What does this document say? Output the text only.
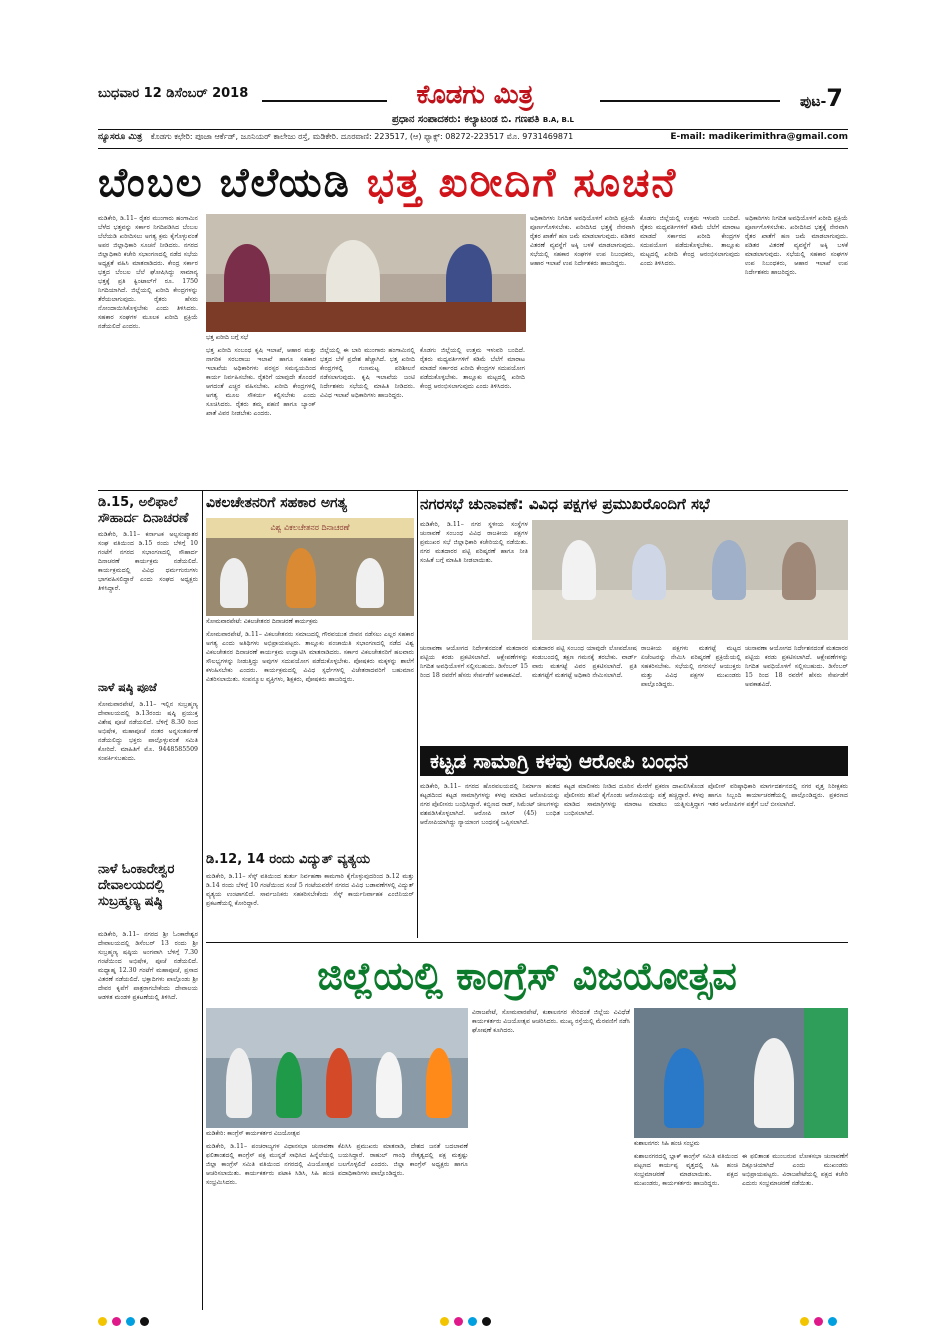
ಬುಧವಾರ 12 ಡಿಸೆಂಬರ್ 2018	ಕೊಡಗು ಮಿತ್ರ	ಪುಟ-7
ಪ್ರಧಾನ ಸಂಪಾದಕರು: ಕಲ್ಯಾಟಂಡ ಬಿ. ಗಣಪತಿ B.A, B.L
ನ್ಯೂಸರೂ ಮಿತ್ರ ಕೊಡಗು ಕಛೇರಿ: ಪೂಜಾ ಆರ್ಕೆಡ್, ಜೂನಿಯರ್ ಕಾಲೇಜು ರಸ್ತೆ, ಮಡಿಕೇರಿ. ದೂರವಾಣಿ: 223517, (ಆ) ಫ್ಯಾಕ್ಸ್: 08272-223517 ಮೊ. 9731469871	E-mail: madikerimithra@gmail.com
ಬೆಂಬಲ ಬೆಲೆಯಡಿ ಭತ್ತ ಖರೀದಿಗೆ ಸೂಚನೆ
ಮಡಿಕೇರಿ, ಡಿ.11– ರೈತರ ಮುಂಗಾರು ಹಂಗಾಮಿನ ಬೆಳೆದ ಭತ್ತವನ್ನು ಸರ್ಕಾರ ನಿಗದಿಪಡಿಸಿದ ಬೆಂಬಲ ಬೆಲೆಯಡಿ ಖರೀದಿಸಲು ಅಗತ್ಯ ಕ್ರಮ ಕೈಗೊಳ್ಳುವಂತೆ ಅಪರ ಜಿಲ್ಲಾಧಿಕಾರಿ ಸೂಚನೆ ನೀಡಿದರು. ನಗರದ ಜಿಲ್ಲಾಧಿಕಾರಿ ಕಚೇರಿ ಸಭಾಂಗಣದಲ್ಲಿ ನಡೆದ ಸಭೆಯ ಅಧ್ಯಕ್ಷತೆ ವಹಿಸಿ ಮಾತನಾಡಿದರು. ಕೇಂದ್ರ ಸರ್ಕಾರ ಭತ್ತದ ಬೆಂಬಲ ಬೆಲೆ ಘೋಷಿಸಿದ್ದು ಸಾಮಾನ್ಯ ಭತ್ತಕ್ಕೆ ಪ್ರತಿ ಕ್ವಿಂಟಾಲ್‌ಗೆ ರೂ. 1750 ನಿಗದಿಯಾಗಿದೆ. ಜಿಲ್ಲೆಯಲ್ಲಿ ಖರೀದಿ ಕೇಂದ್ರಗಳನ್ನು ತೆರೆಯಲಾಗುವುದು. ರೈತರು ಹೆಸರು ನೋಂದಾಯಿಸಿಕೊಳ್ಳಬೇಕು ಎಂದು ತಿಳಿಸಿದರು. ಸಹಕಾರ ಸಂಘಗಳ ಮೂಲಕ ಖರೀದಿ ಪ್ರಕ್ರಿಯೆ ನಡೆಯಲಿದೆ ಎಂದರು.
ಭತ್ತ ಖರೀದಿ ಬಗ್ಗೆ ಸಭೆ
ಭತ್ತ ಖರೀದಿ ಸಂಬಂಧ ಕೃಷಿ ಇಲಾಖೆ, ಆಹಾರ ಮತ್ತು ನಾಗರಿಕ ಸರಬರಾಜು ಇಲಾಖೆ ಹಾಗೂ ಸಹಕಾರ ಇಲಾಖೆಯ ಅಧಿಕಾರಿಗಳು ಪರಸ್ಪರ ಸಮನ್ವಯದಿಂದ ಕಾರ್ಯ ನಿರ್ವಹಿಸಬೇಕು. ರೈತರಿಗೆ ಯಾವುದೇ ತೊಂದರೆ ಆಗದಂತೆ ಎಚ್ಚರ ವಹಿಸಬೇಕು. ಖರೀದಿ ಕೇಂದ್ರಗಳಲ್ಲಿ ಅಗತ್ಯ ಮೂಲ ಸೌಕರ್ಯ ಕಲ್ಪಿಸಬೇಕು ಎಂದು ಸೂಚಿಸಿದರು. ರೈತರು ತಮ್ಮ ಪಹಣಿ ಹಾಗೂ ಬ್ಯಾಂಕ್ ಖಾತೆ ವಿವರ ನೀಡಬೇಕು ಎಂದರು.
ಜಿಲ್ಲೆಯಲ್ಲಿ ಈ ಬಾರಿ ಮುಂಗಾರು ಹಂಗಾಮಿನಲ್ಲಿ ಭತ್ತದ ಬೆಳೆ ಪ್ರದೇಶ ಹೆಚ್ಚಾಗಿದೆ. ಭತ್ತ ಖರೀದಿ ಕೇಂದ್ರಗಳಲ್ಲಿ ಗುಣಮಟ್ಟ ಪರಿಶೀಲನೆ ನಡೆಸಲಾಗುವುದು. ಕೃಷಿ ಇಲಾಖೆಯ ಜಂಟಿ ನಿರ್ದೇಶಕರು ಸಭೆಯಲ್ಲಿ ಮಾಹಿತಿ ನೀಡಿದರು. ವಿವಿಧ ಇಲಾಖೆ ಅಧಿಕಾರಿಗಳು ಹಾಜರಿದ್ದರು.
ಕೊಡಗು ಜಿಲ್ಲೆಯಲ್ಲಿ ಉತ್ತಮ ಇಳುವರಿ ಬಂದಿದೆ. ರೈತರು ಮಧ್ಯವರ್ತಿಗಳಿಗೆ ಕಡಿಮೆ ಬೆಲೆಗೆ ಮಾರಾಟ ಮಾಡದೆ ಸರ್ಕಾರದ ಖರೀದಿ ಕೇಂದ್ರಗಳ ಸದುಪಯೋಗ ಪಡೆದುಕೊಳ್ಳಬೇಕು. ತಾಲ್ಲೂಕು ಮಟ್ಟದಲ್ಲಿ ಖರೀದಿ ಕೇಂದ್ರ ಆರಂಭಿಸಲಾಗುವುದು ಎಂದು ತಿಳಿಸಿದರು.
ಅಧಿಕಾರಿಗಳು ನಿಗದಿತ ಅವಧಿಯೊಳಗೆ ಖರೀದಿ ಪ್ರಕ್ರಿಯೆ ಪೂರ್ಣಗೊಳಿಸಬೇಕು. ಖರೀದಿಸಿದ ಭತ್ತಕ್ಕೆ ನೇರವಾಗಿ ರೈತರ ಖಾತೆಗೆ ಹಣ ಜಮೆ ಮಾಡಲಾಗುವುದು. ಪಡಿತರ ವಿತರಣೆ ವ್ಯವಸ್ಥೆಗೆ ಅಕ್ಕಿ ಬಳಕೆ ಮಾಡಲಾಗುವುದು. ಸಭೆಯಲ್ಲಿ ಸಹಕಾರ ಸಂಘಗಳ ಉಪ ನಿಬಂಧಕರು, ಆಹಾರ ಇಲಾಖೆ ಉಪ ನಿರ್ದೇಶಕರು ಹಾಜರಿದ್ದರು.
ಕೊಡಗು ಜಿಲ್ಲೆಯಲ್ಲಿ ಉತ್ತಮ ಇಳುವರಿ ಬಂದಿದೆ. ರೈತರು ಮಧ್ಯವರ್ತಿಗಳಿಗೆ ಕಡಿಮೆ ಬೆಲೆಗೆ ಮಾರಾಟ ಮಾಡದೆ ಸರ್ಕಾರದ ಖರೀದಿ ಕೇಂದ್ರಗಳ ಸದುಪಯೋಗ ಪಡೆದುಕೊಳ್ಳಬೇಕು. ತಾಲ್ಲೂಕು ಮಟ್ಟದಲ್ಲಿ ಖರೀದಿ ಕೇಂದ್ರ ಆರಂಭಿಸಲಾಗುವುದು ಎಂದು ತಿಳಿಸಿದರು.
ಅಧಿಕಾರಿಗಳು ನಿಗದಿತ ಅವಧಿಯೊಳಗೆ ಖರೀದಿ ಪ್ರಕ್ರಿಯೆ ಪೂರ್ಣಗೊಳಿಸಬೇಕು. ಖರೀದಿಸಿದ ಭತ್ತಕ್ಕೆ ನೇರವಾಗಿ ರೈತರ ಖಾತೆಗೆ ಹಣ ಜಮೆ ಮಾಡಲಾಗುವುದು. ಪಡಿತರ ವಿತರಣೆ ವ್ಯವಸ್ಥೆಗೆ ಅಕ್ಕಿ ಬಳಕೆ ಮಾಡಲಾಗುವುದು. ಸಭೆಯಲ್ಲಿ ಸಹಕಾರ ಸಂಘಗಳ ಉಪ ನಿಬಂಧಕರು, ಆಹಾರ ಇಲಾಖೆ ಉಪ ನಿರ್ದೇಶಕರು ಹಾಜರಿದ್ದರು.
ಡಿ.15, ಅಲಿಫಾಲೆ ಸೌಹಾರ್ದ ದಿನಾಚರಣೆ
ಮಡಿಕೇರಿ, ಡಿ.11– ಕರ್ನಾಟಕ ಅಲ್ಪಸಂಖ್ಯಾತರ ಸಂಘ ವತಿಯಿಂದ ಡಿ.15 ರಂದು ಬೆಳಿಗ್ಗೆ 10 ಗಂಟೆಗೆ ನಗರದ ಸಭಾಂಗಣದಲ್ಲಿ ಸೌಹಾರ್ದ ದಿನಾಚರಣೆ ಕಾರ್ಯಕ್ರಮ ನಡೆಯಲಿದೆ. ಕಾರ್ಯಕ್ರಮದಲ್ಲಿ ವಿವಿಧ ಧರ್ಮಗುರುಗಳು ಭಾಗವಹಿಸಲಿದ್ದಾರೆ ಎಂದು ಸಂಘದ ಅಧ್ಯಕ್ಷರು ತಿಳಿಸಿದ್ದಾರೆ.
ನಾಳೆ ಷಷ್ಠಿ ಪೂಜೆ
ಸೋಮವಾರಪೇಟೆ, ಡಿ.11– ಇಲ್ಲಿನ ಸುಬ್ರಹ್ಮಣ್ಯ ದೇವಾಲಯದಲ್ಲಿ ಡಿ.13ರಂದು ಷಷ್ಠಿ ಪ್ರಯುಕ್ತ ವಿಶೇಷ ಪೂಜೆ ನಡೆಯಲಿದೆ. ಬೆಳಿಗ್ಗೆ 8.30 ರಿಂದ ಅಭಿಷೇಕ, ಮಹಾಪೂಜೆ ನಂತರ ಅನ್ನಸಂತರ್ಪಣೆ ನಡೆಯಲಿದ್ದು ಭಕ್ತರು ಪಾಲ್ಗೊಳ್ಳುವಂತೆ ಸಮಿತಿ ಕೋರಿದೆ. ಮಾಹಿತಿಗೆ ಮೊ. 9448585509 ಸಂಪರ್ಕಿಸಬಹುದು.
ನಾಳೆ ಓಂಕಾರೇಶ್ವರ ದೇವಾಲಯದಲ್ಲಿ ಸುಬ್ರಹ್ಮಣ್ಯ ಷಷ್ಠಿ
ಮಡಿಕೇರಿ, ಡಿ.11– ನಗರದ ಶ್ರೀ ಓಂಕಾರೇಶ್ವರ ದೇವಾಲಯದಲ್ಲಿ ಡಿಸೆಂಬರ್ 13 ರಂದು ಶ್ರೀ ಸುಬ್ರಹ್ಮಣ್ಯ ಷಷ್ಠಿಯ ಅಂಗವಾಗಿ ಬೆಳಿಗ್ಗೆ 7.30 ಗಂಟೆಯಿಂದ ಅಭಿಷೇಕ, ಪೂಜೆ ನಡೆಯಲಿದೆ. ಮಧ್ಯಾಹ್ನ 12.30 ಗಂಟೆಗೆ ಮಹಾಪೂಜೆ, ಪ್ರಸಾದ ವಿತರಣೆ ನಡೆಯಲಿದೆ. ಭಕ್ತಾದಿಗಳು ಪಾಲ್ಗೊಂಡು ಶ್ರೀ ದೇವರ ಕೃಪೆಗೆ ಪಾತ್ರರಾಗಬೇಕೆಂದು ದೇವಾಲಯ ಆಡಳಿತ ಮಂಡಳಿ ಪ್ರಕಟಣೆಯಲ್ಲಿ ತಿಳಿಸಿದೆ.
ವಿಕಲಚೇತನರಿಗೆ ಸಹಕಾರ ಅಗತ್ಯ
ವಿಶ್ವ ವಿಕಲಚೇತನರ ದಿನಾಚರಣೆ
ಸೋಮವಾರಪೇಟೆ: ವಿಕಲಚೇತನರ ದಿನಾಚರಣೆ ಕಾರ್ಯಕ್ರಮ
ಸೋಮವಾರಪೇಟೆ, ಡಿ.11– ವಿಕಲಚೇತನರು ಸಮಾಜದಲ್ಲಿ ಗೌರವಯುತ ಜೀವನ ನಡೆಸಲು ಎಲ್ಲರ ಸಹಕಾರ ಅಗತ್ಯ ಎಂದು ಅತಿಥಿಗಳು ಅಭಿಪ್ರಾಯಪಟ್ಟರು. ತಾಲ್ಲೂಕು ಪಂಚಾಯಿತಿ ಸಭಾಂಗಣದಲ್ಲಿ ನಡೆದ ವಿಶ್ವ ವಿಕಲಚೇತನರ ದಿನಾಚರಣೆ ಕಾರ್ಯಕ್ರಮ ಉದ್ಘಾಟಿಸಿ ಮಾತನಾಡಿದರು. ಸರ್ಕಾರ ವಿಕಲಚೇತನರಿಗೆ ಹಲವಾರು ಸೌಲಭ್ಯಗಳನ್ನು ನೀಡುತ್ತಿದ್ದು ಅವುಗಳ ಸದುಪಯೋಗ ಪಡೆದುಕೊಳ್ಳಬೇಕು. ಪೋಷಕರು ಮಕ್ಕಳನ್ನು ಶಾಲೆಗೆ ಕಳುಹಿಸಬೇಕು ಎಂದರು. ಕಾರ್ಯಕ್ರಮದಲ್ಲಿ ವಿವಿಧ ಸ್ಪರ್ಧೆಗಳಲ್ಲಿ ವಿಜೇತರಾದವರಿಗೆ ಬಹುಮಾನ ವಿತರಿಸಲಾಯಿತು. ಸಂಪನ್ಮೂಲ ವ್ಯಕ್ತಿಗಳು, ಶಿಕ್ಷಕರು, ಪೋಷಕರು ಹಾಜರಿದ್ದರು.
ಡಿ.12, 14 ರಂದು ವಿದ್ಯುತ್ ವ್ಯತ್ಯಯ
ಮಡಿಕೇರಿ, ಡಿ.11– ಸೆಸ್ಕ್ ವತಿಯಿಂದ ತುರ್ತು ನಿರ್ವಹಣಾ ಕಾಮಗಾರಿ ಕೈಗೊಳ್ಳುವುದರಿಂದ ಡಿ.12 ಮತ್ತು ಡಿ.14 ರಂದು ಬೆಳಿಗ್ಗೆ 10 ಗಂಟೆಯಿಂದ ಸಂಜೆ 5 ಗಂಟೆಯವರೆಗೆ ನಗರದ ವಿವಿಧ ಬಡಾವಣೆಗಳಲ್ಲಿ ವಿದ್ಯುತ್ ವ್ಯತ್ಯಯ ಉಂಟಾಗಲಿದೆ. ಸಾರ್ವಜನಿಕರು ಸಹಕರಿಸಬೇಕೆಂದು ಸೆಸ್ಕ್ ಕಾರ್ಯನಿರ್ವಾಹಕ ಎಂಜಿನಿಯರ್ ಪ್ರಕಟಣೆಯಲ್ಲಿ ಕೋರಿದ್ದಾರೆ.
ನಗರಸಭೆ ಚುನಾವಣೆ: ವಿವಿಧ ಪಕ್ಷಗಳ ಪ್ರಮುಖರೊಂದಿಗೆ ಸಭೆ
ಮಡಿಕೇರಿ, ಡಿ.11– ನಗರ ಸ್ಥಳೀಯ ಸಂಸ್ಥೆಗಳ ಚುನಾವಣೆ ಸಂಬಂಧ ವಿವಿಧ ರಾಜಕೀಯ ಪಕ್ಷಗಳ ಪ್ರಮುಖರ ಸಭೆ ಜಿಲ್ಲಾಧಿಕಾರಿ ಕಚೇರಿಯಲ್ಲಿ ನಡೆಯಿತು. ನಗರ ಮತದಾರರ ಪಟ್ಟಿ ಪರಿಷ್ಕರಣೆ ಹಾಗೂ ನೀತಿ ಸಂಹಿತೆ ಬಗ್ಗೆ ಮಾಹಿತಿ ನೀಡಲಾಯಿತು.
ಚುನಾವಣಾ ಆಯೋಗದ ನಿರ್ದೇಶನದಂತೆ ಮತದಾರರ ಪಟ್ಟಿಯ ಕರಡು ಪ್ರಕಟಿಸಲಾಗಿದೆ. ಆಕ್ಷೇಪಣೆಗಳನ್ನು ನಿಗದಿತ ಅವಧಿಯೊಳಗೆ ಸಲ್ಲಿಸಬಹುದು. ಡಿಸೆಂಬರ್ 15 ರಿಂದ 18 ರವರೆಗೆ ಹೆಸರು ಸೇರ್ಪಡೆಗೆ ಅವಕಾಶವಿದೆ.
ಮತದಾರರ ಪಟ್ಟಿ ಸಂಬಂಧ ಯಾವುದೇ ಲೋಪದೋಷ ಕಂಡುಬಂದಲ್ಲಿ ತಕ್ಷಣ ಗಮನಕ್ಕೆ ತರಬೇಕು. ವಾರ್ಡ್ ವಾರು ಮತಗಟ್ಟೆ ವಿವರ ಪ್ರಕಟಿಸಲಾಗಿದೆ. ಪ್ರತಿ ಮತಗಟ್ಟೆಗೆ ಮತಗಟ್ಟೆ ಅಧಿಕಾರಿ ನೇಮಿಸಲಾಗಿದೆ.
ರಾಜಕೀಯ ಪಕ್ಷಗಳು ಮತಗಟ್ಟೆ ಮಟ್ಟದ ಏಜೆಂಟರನ್ನು ನೇಮಿಸಿ ಪರಿಷ್ಕರಣೆ ಪ್ರಕ್ರಿಯೆಯಲ್ಲಿ ಸಹಕರಿಸಬೇಕು. ಸಭೆಯಲ್ಲಿ ನಗರಸಭೆ ಆಯುಕ್ತರು ಮತ್ತು ವಿವಿಧ ಪಕ್ಷಗಳ ಮುಖಂಡರು ಪಾಲ್ಗೊಂಡಿದ್ದರು.
ಚುನಾವಣಾ ಆಯೋಗದ ನಿರ್ದೇಶನದಂತೆ ಮತದಾರರ ಪಟ್ಟಿಯ ಕರಡು ಪ್ರಕಟಿಸಲಾಗಿದೆ. ಆಕ್ಷೇಪಣೆಗಳನ್ನು ನಿಗದಿತ ಅವಧಿಯೊಳಗೆ ಸಲ್ಲಿಸಬಹುದು. ಡಿಸೆಂಬರ್ 15 ರಿಂದ 18 ರವರೆಗೆ ಹೆಸರು ಸೇರ್ಪಡೆಗೆ ಅವಕಾಶವಿದೆ.
ಕಟ್ಟಡ ಸಾಮಾಗ್ರಿ ಕಳವು ಆರೋಪಿ ಬಂಧನ
ಮಡಿಕೇರಿ, ಡಿ.11– ನಗರದ ಹೊರವಲಯದಲ್ಲಿ ನಿರ್ಮಾಣ ಹಂತದ ಕಟ್ಟಡದಿಂದ ಕಟ್ಟಡ ಸಾಮಾಗ್ರಿಗಳನ್ನು ಕಳವು ಮಾಡಿದ ಆರೋಪಿಯನ್ನು ನಗರ ಪೊಲೀಸರು ಬಂಧಿಸಿದ್ದಾರೆ. ಕಬ್ಬಿಣದ ರಾಡ್, ಸಿಮೆಂಟ್ ಚೀಲಗಳನ್ನು ವಶಪಡಿಸಿಕೊಳ್ಳಲಾಗಿದೆ. ಆರೋಪಿ ನಾಸಿರ್ (45) ಬಂಧಿತ ಆರೋಪಿಯಾಗಿದ್ದು ನ್ಯಾಯಾಂಗ ಬಂಧನಕ್ಕೆ ಒಪ್ಪಿಸಲಾಗಿದೆ.
ಕಟ್ಟಡ ಮಾಲೀಕರು ನೀಡಿದ ದೂರಿನ ಮೇರೆಗೆ ಪ್ರಕರಣ ದಾಖಲಿಸಿಕೊಂಡ ಪೊಲೀಸರು ತನಿಖೆ ಕೈಗೊಂಡು ಆರೋಪಿಯನ್ನು ಪತ್ತೆ ಹಚ್ಚಿದ್ದಾರೆ. ಕಳವು ಮಾಡಿದ ಸಾಮಾಗ್ರಿಗಳನ್ನು ಮಾರಾಟ ಮಾಡಲು ಯತ್ನಿಸುತ್ತಿದ್ದಾಗ ಬಂಧಿಸಲಾಗಿದೆ.
ಪೊಲೀಸ್ ವರಿಷ್ಠಾಧಿಕಾರಿ ಮಾರ್ಗದರ್ಶನದಲ್ಲಿ ನಗರ ವೃತ್ತ ನಿರೀಕ್ಷಕರು ಹಾಗೂ ಸಿಬ್ಬಂದಿ ಕಾರ್ಯಾಚರಣೆಯಲ್ಲಿ ಪಾಲ್ಗೊಂಡಿದ್ದರು. ಪ್ರಕರಣದ ಇತರ ಆರೋಪಿಗಳ ಪತ್ತೆಗೆ ಬಲೆ ಬೀಸಲಾಗಿದೆ.
ಜಿಲ್ಲೆಯಲ್ಲಿ ಕಾಂಗ್ರೆಸ್ ವಿಜಯೋತ್ಸವ
ಮಡಿಕೇರಿ: ಕಾಂಗ್ರೆಸ್ ಕಾರ್ಯಕರ್ತರ ವಿಜಯೋತ್ಸವ
ವಿರಾಜಪೇಟೆ, ಸೋಮವಾರಪೇಟೆ, ಕುಶಾಲನಗರ ಸೇರಿದಂತೆ ಜಿಲ್ಲೆಯ ವಿವಿಧೆಡೆ ಕಾರ್ಯಕರ್ತರು ವಿಜಯೋತ್ಸವ ಆಚರಿಸಿದರು. ಮುಖ್ಯ ರಸ್ತೆಯಲ್ಲಿ ಮೆರವಣಿಗೆ ನಡೆಸಿ ಘೋಷಣೆ ಕೂಗಿದರು.
ಕುಶಾಲನಗರ: ಸಿಹಿ ಹಂಚಿ ಸಂಭ್ರಮ
ಮಡಿಕೇರಿ, ಡಿ.11– ಪಂಚರಾಜ್ಯಗಳ ವಿಧಾನಸಭಾ ಚುನಾವಣಾ ಫಲಿತಾಂಶದಲ್ಲಿ ಕಾಂಗ್ರೆಸ್ ಪಕ್ಷ ಮುನ್ನಡೆ ಸಾಧಿಸಿದ ಹಿನ್ನೆಲೆಯಲ್ಲಿ ಜಿಲ್ಲಾ ಕಾಂಗ್ರೆಸ್ ಸಮಿತಿ ವತಿಯಿಂದ ನಗರದಲ್ಲಿ ವಿಜಯೋತ್ಸವ ಆಚರಿಸಲಾಯಿತು. ಕಾರ್ಯಕರ್ತರು ಪಟಾಕಿ ಸಿಡಿಸಿ, ಸಿಹಿ ಹಂಚಿ ಸಂಭ್ರಮಿಸಿದರು.
ಕೆಪಿಸಿಸಿ ಪ್ರಮುಖರು ಮಾತನಾಡಿ, ದೇಶದ ಜನತೆ ಬದಲಾವಣೆ ಬಯಸಿದ್ದಾರೆ. ರಾಹುಲ್ ಗಾಂಧಿ ನೇತೃತ್ವದಲ್ಲಿ ಪಕ್ಷ ಮತ್ತಷ್ಟು ಬಲಗೊಳ್ಳಲಿದೆ ಎಂದರು. ಜಿಲ್ಲಾ ಕಾಂಗ್ರೆಸ್ ಅಧ್ಯಕ್ಷರು ಹಾಗೂ ಪದಾಧಿಕಾರಿಗಳು ಪಾಲ್ಗೊಂಡಿದ್ದರು.
ಕುಶಾಲನಗರದಲ್ಲಿ ಬ್ಲಾಕ್ ಕಾಂಗ್ರೆಸ್ ಸಮಿತಿ ವತಿಯಿಂದ ಪಟ್ಟಣದ ಕಾರ್ಯಪ್ಪ ವೃತ್ತದಲ್ಲಿ ಸಿಹಿ ಹಂಚಿ ಸಂಭ್ರಮಾಚರಣೆ ಮಾಡಲಾಯಿತು. ಪಕ್ಷದ ಮುಖಂಡರು, ಕಾರ್ಯಕರ್ತರು ಹಾಜರಿದ್ದರು.
ಈ ಫಲಿತಾಂಶ ಮುಂಬರುವ ಲೋಕಸಭಾ ಚುನಾವಣೆಗೆ ದಿಕ್ಸೂಚಿಯಾಗಿದೆ ಎಂದು ಮುಖಂಡರು ಅಭಿಪ್ರಾಯಪಟ್ಟರು. ವಿರಾಜಪೇಟೆಯಲ್ಲಿ ಪಕ್ಷದ ಕಚೇರಿ ಎದುರು ಸಂಭ್ರಮಾಚರಣೆ ನಡೆಯಿತು.
